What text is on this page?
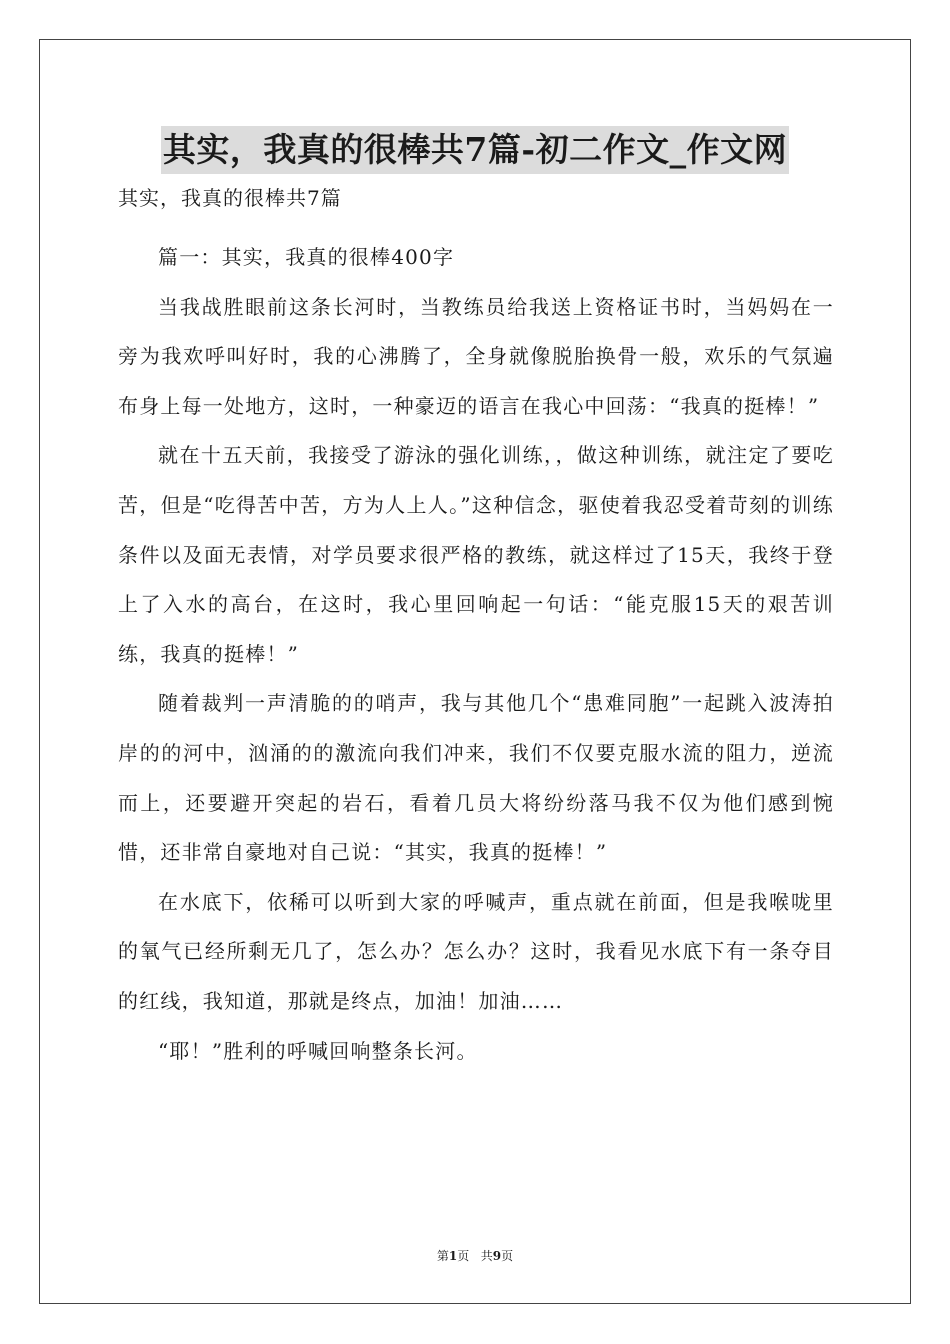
其实，我真的很棒共7篇-初二作文_作文网
其实，我真的很棒共7篇

篇一：其实，我真的很棒400字

当我战胜眼前这条长河时，当教练员给我送上资格证书时，当妈妈在一旁为我欢呼叫好时，我的心沸腾了，全身就像脱胎换骨一般，欢乐的气氛遍布身上每一处地方，这时，一种豪迈的语言在我心中回荡：“我真的挺棒！”

就在十五天前，我接受了游泳的强化训练，，做这种训练，就注定了要吃苦，但是“吃得苦中苦，方为人上人。”这种信念，驱使着我忍受着苛刻的训练条件以及面无表情，对学员要求很严格的教练，就这样过了15天，我终于登上了入水的高台，在这时，我心里回响起一句话：“能克服15天的艰苦训练，我真的挺棒！”

随着裁判一声清脆的的哨声，我与其他几个“患难同胞”一起跳入波涛拍岸的的河中，汹涌的的激流向我们冲来，我们不仅要克服水流的阻力，逆流而上，还要避开突起的岩石，看着几员大将纷纷落马我不仅为他们感到惋惜，还非常自豪地对自己说：“其实，我真的挺棒！”

在水底下，依稀可以听到大家的呼喊声，重点就在前面，但是我喉咙里的氧气已经所剩无几了，怎么办？怎么办？这时，我看见水底下有一条夺目的红线，我知道，那就是终点，加油！加油……

“耶！”胜利的呼喊回响整条长河。

第1页 共9页
